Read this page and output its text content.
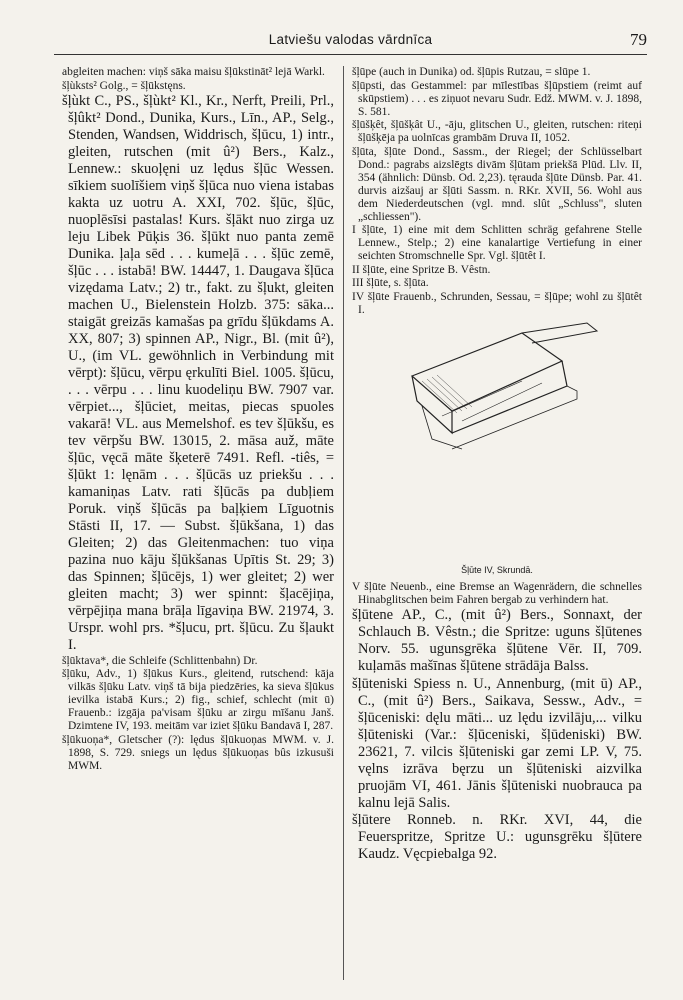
Latviešu valodas vārdnīca	79

abgleiten machen: viņš sāka maisu šļūkstināt² lejā Warkl.

šļùksts² Golg., = šļūkstęns.

šļùkt C., PS., šļùkt² Kl., Kr., Nerft, Preili, Prl., šļûkt² Dond., Dunika, Kurs., Līn., AP., Selg., Stenden, Wandsen, Widdrisch, šļūcu, 1) intr., gleiten, rutschen (mit û²) Bers., Kalz., Lennew.: skuoļęni uz lędus šļūc Wessen. sīkiem suolīšiem viņš šļūca nuo viena istabas kakta uz uotru A. XXI, 702. šļūc, šļūc, nuoplēsīsi pastalas! Kurs. šļākt nuo zirga uz leju Libek Pūķis 36. šļūkt nuo panta zemē Dunika. ļaļa sēd . . . kumeļā . . . šļūc zemē, šļūc . . . istabā! BW. 14447, 1. Daugava šļūca vizędama Latv.; 2) tr., fakt. zu šļukt, gleiten machen U., Bielenstein Holzb. 375: sāka... staigāt greizās kamašas pa grīdu šļūkdams A. XX, 807; 3) spinnen AP., Nigr., Bl. (mit û²), U., (im VL. gewöhnlich in Verbindung mit vērpt): šļūcu, vērpu ęrkulīti Biel. 1005. šļūcu, . . . vērpu . . . linu kuodeliņu BW. 7907 var. vērpiet..., šļūciet, meitas, piecas spuoles vakarā! VL. aus Memelshof. es tev šļūkšu, es tev vērpšu BW. 13015, 2. māsa auž, māte šļūc, vęcā māte šķeterē 7491. Refl. -tiês, = šļūkt 1: lęnām . . . šļūcās uz priekšu . . . kamaniņas Latv. rati šļūcās pa dubļiem Poruk. viņš šļūcās pa baļķiem Līguotnis Stāsti II, 17. — Subst. šļūkšana, 1) das Gleiten; 2) das Gleitenmachen: tuo viņa pazina nuo kāju šļūkšanas Upītis St. 29; 3) das Spinnen; šļūcējs, 1) wer gleitet; 2) wer gleiten macht; 3) wer spinnt: šļacējiņa, vērpējiņa mana brāļa līgaviņa BW. 21974, 3. Urspr. wohl prs. *šļucu, prt. šļūcu. Zu šļaukt I.

šļūktava*, die Schleife (Schlittenbahn) Dr.

šļūku, Adv., 1) šļūkus Kurs., gleitend, rutschend: kāja vilkās šļūku Latv. viņš tā bija piedzēries, ka sieva šļūkus ievilka istabā Kurs.; 2) fig., schief, schlecht (mit ū) Frauenb.: izgāja pa'visam šļūku ar zirgu mīšanu Janš. Dzimtene IV, 193. meitām var iziet šļūku Bandavā I, 287.

šļūkuoņa*, Gletscher (?): lędus šļūkuoņas MWM. v. J. 1898, S. 729. sniegs un lędus šļūkuoņas bûs izkusuši MWM.

šļūpe (auch in Dunika) od. šļūpis Rutzau, = slūpe 1.

šļūpsti, das Gestammel: par mīlestības šļūpstiem (reimt auf skūpstiem) . . . es ziņuot nevaru Sudr. Edž. MWM. v. J. 1898, S. 581.

šļūšķêt, šļūšķât U., -āju, glitschen U., gleiten, rutschen: riteņi šļūšķēja pa uolnīcas grambām Druva II, 1052.

šļūta, šļūte Dond., Sassm., der Riegel; der Schlüsselbart Dond.: pagrabs aizslēgts divām šļūtam priekšā Plūd. Llv. II, 354 (ähnlich: Dünsb. Od. 2,23). tęrauda šļūte Dünsb. Par. 41. durvis aizšauj ar šļūti Sassm. n. RKr. XVII, 56. Wohl aus dem Niederdeutschen (vgl. mnd. slût „Schluss", sluten „schliessen").

I šļūte, 1) eine mit dem Schlitten schräg gefahrene Stelle Lennew., Stelp.; 2) eine kanalartige Vertiefung in einer seichten Stromschnelle Spr. Vgl. šļūtêt I.

II šļūte, eine Spritze B. Vêstn.

III šļūte, s. šļūta.

IV šļūte Frauenb., Schrunden, Sessau, = šļūpe; wohl zu šļūtêt I.

Šļūte IV, Skrundā.

V šļūte Neuenb., eine Bremse an Wagenrädern, die schnelles Hinabglitschen beim Fahren bergab zu verhindern hat.

šļūtene AP., C., (mit û²) Bers., Sonnaxt, der Schlauch B. Vêstn.; die Spritze: uguns šļūtenes Norv. 55. ugunsgrēka šļūtene Vēr. II, 709. kuļamās mašīnas šļūtene strādāja Balss.

šļūteniski Spiess n. U., Annenburg, (mit ū) AP., C., (mit û²) Bers., Saikava, Sessw., Adv., = šļūceniski: dęlu māti... uz lędu izvilāju,... vilku šļūteniski (Var.: šļūceniski, šļūdeniski) BW. 23621, 7. vilcis šļūteniski gar zemi LP. V, 75. vęlns izrāva bęrzu un šļūteniski aizvilka pruojām VI, 461. Jānis šļūteniski nuobrauca pa kalnu lejā Salis.

šļūtere Ronneb. n. RKr. XVI, 44, die Feuerspritze, Spritze U.: ugunsgrēku šļūtere Kaudz. Vęcpiebalga 92.
